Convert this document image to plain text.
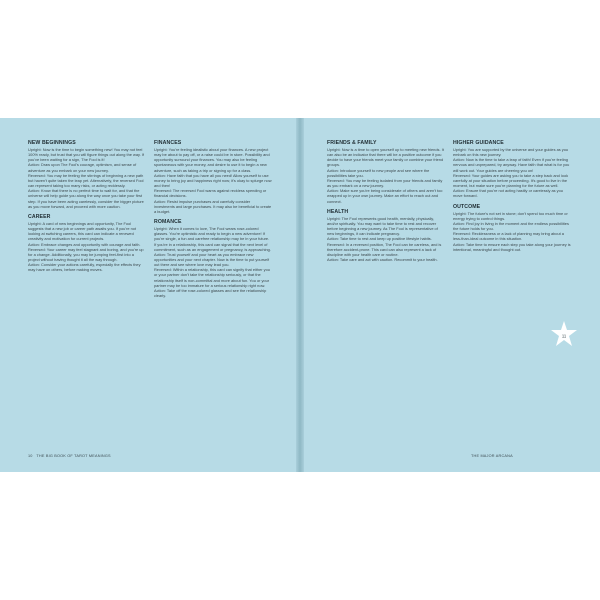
NEW BEGINNINGS

Upright: Now is the time to begin something new! You may not feel 100% ready, but trust that you will figure things out along the way. If you've been waiting for a sign, The Fool is it!

Action: Draw upon The Fool's courage, optimism, and sense of adventure as you embark on your new journey.

Reversed: You may be feeling the stirrings of beginning a new path but haven't quite taken the leap yet. Alternatively, the reversed Fool can represent taking too many risks, or acting recklessly.

Action: Know that there is no perfect time to wait for, and that the universe will help guide you along the way once you take your first step. If you have been acting carelessly, consider the bigger picture as you move forward, and proceed with more caution.

CAREER

Upright: A card of new beginnings and opportunity, The Fool suggests that a new job or career path awaits you. If you're not looking at switching careers, this card can indicate a renewed creativity and motivation for current projects.

Action: Embrace changes and opportunity with courage and faith.

Reversed: Your career may feel stagnant and boring, and you're up for a change. Additionally, you may be jumping feet-first into a project without having thought it all the way through.

Action: Consider your actions carefully, especially the effects they may have on others, before making moves.

FINANCES

Upright: You're feeling idealistic about your finances. A new project may be about to pay off, or a raise could be in store. Possibility and opportunity surround your finances. You may also be feeling spontaneous with your money, and desire to use it to begin a new adventure, such as taking a trip or signing up for a class.

Action: Have faith that you have all you need! Allow yourself to use money to bring joy and happiness right now; it's okay to splurge now and then!

Reversed: The reversed Fool warns against reckless spending or financial decisions.

Action: Resist impulse purchases and carefully consider investments and large purchases. It may also be beneficial to create a budget.

ROMANCE

Upright: When it comes to love, The Fool wears rose-colored glasses. You're optimistic and ready to begin a new adventure! If you're single, a fun and carefree relationship may be in your future. If you're in a relationship, this card can signal that the next level of commitment, such as an engagement or pregnancy, is approaching.

Action: Trust yourself and your heart as you embrace new opportunities and your next chapter. Now is the time to put yourself out there and see where love may lead you.

Reversed: Within a relationship, this card can signify that either you or your partner don't take the relationship seriously, or that the relationship itself is non-committal and more about fun. You or your partner may be too immature for a serious relationship right now.

Action: Take off the rose-colored glasses and see the relationship clearly.

10 THE BIG BOOK OF TAROT MEANINGS
FRIENDS & FAMILY

Upright: Now is a time to open yourself up to meeting new friends. It can also be an indicator that there will be a positive outcome if you decide to have your friends meet your family or combine your friend groups.

Action: Introduce yourself to new people and see where the possibilities take you.

Reversed: You may be feeling isolated from your friends and family as you embark on a new journey.

Action: Make sure you're being considerate of others and aren't too wrapped up in your own journey. Make an effort to reach out and connect.

HEALTH

Upright: The Fool represents good health, mentally, physically, and/or spiritually. You may want to take time to rest and recover before beginning a new journey. As The Fool is representative of new beginnings, it can indicate pregnancy.

Action: Take time to rest and keep up positive lifestyle habits.

Reversed: In a reversed position, The Fool can be careless, and is therefore accident-prone. This card can also represent a lack of discipline with your health care or routine.

Action: Take care and act with caution. Recommit to your health.

HIGHER GUIDANCE

Upright: You are supported by the universe and your guides as you embark on this new journey.

Action: Now is the time to take a leap of faith! Even if you're feeling nervous and unprepared, try anyway. Have faith that what is for you will work out. Your guides are cheering you on!

Reversed: Your guides are asking you to take a step back and look carefully at your situation before proceeding. It's good to live in the moment, but make sure you're planning for the future as well.

Action: Ensure that you're not acting hastily or carelessly as you move forward.

OUTCOME

Upright: The future's not set in stone; don't spend too much time or energy trying to control things.

Action: Find joy in living in the moment and the endless possibilities the future holds for you.

Reversed: Recklessness or a lack of planning may bring about a less-than-ideal outcome in this situation.

Action: Take time to ensure each step you take along your journey is intentional, meaningful and thought out.

THE MAJOR ARCANA
11
